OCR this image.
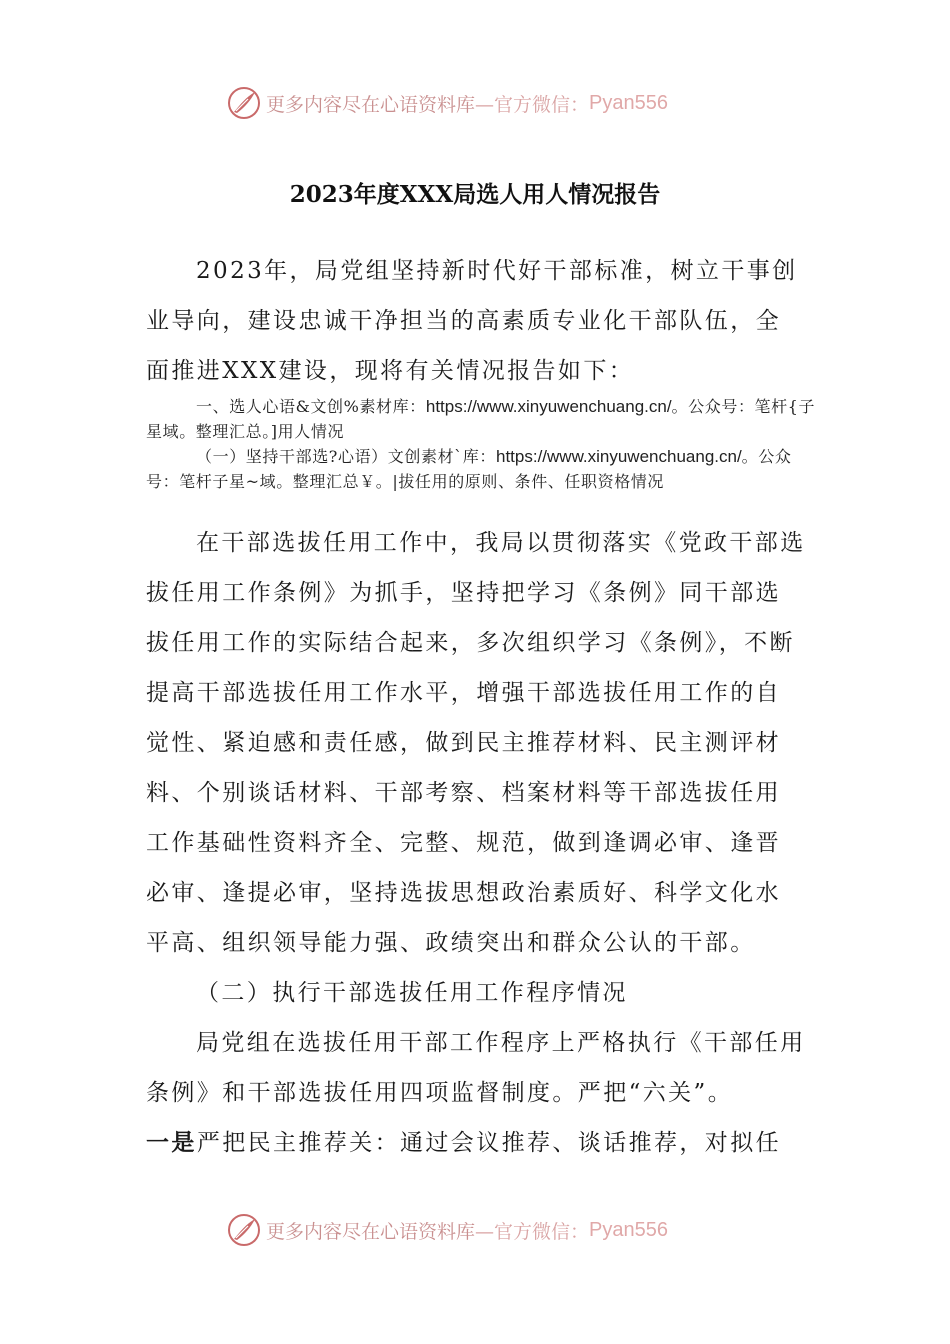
更多内容尽在心语资料库—官方微信： Pyan556
2023年度XXX局选人用人情况报告

2023年，局党组坚持新时代好干部标准，树立干事创业导向，建设忠诚干净担当的高素质专业化干部队伍，全面推进XXX建设，现将有关情况报告如下：

一、选人心语&文创%素材库：https://www.xinyuwenchuang.cn/。公众号：笔杆{子星域。整理汇总。]用人情况

（一）坚持干部选?心语）文创素材`库：https://www.xinyuwenchuang.cn/。公众号：笔杆子星~域。整理汇总￥。|拔任用的原则、条件、任职资格情况

在干部选拔任用工作中，我局以贯彻落实《党政干部选拔任用工作条例》为抓手，坚持把学习《条例》同干部选拔任用工作的实际结合起来，多次组织学习《条例》，不断提高干部选拔任用工作水平，增强干部选拔任用工作的自觉性、紧迫感和责任感，做到民主推荐材料、民主测评材料、个别谈话材料、干部考察、档案材料等干部选拔任用工作基础性资料齐全、完整、规范，做到逢调必审、逢晋必审、逢提必审，坚持选拔思想政治素质好、科学文化水平高、组织领导能力强、政绩突出和群众公认的干部。

（二）执行干部选拔任用工作程序情况

局党组在选拔任用干部工作程序上严格执行《干部任用条例》和干部选拔任用四项监督制度。严把“六关”。

一是严把民主推荐关：通过会议推荐、谈话推荐，对拟任

更多内容尽在心语资料库—官方微信： Pyan556
